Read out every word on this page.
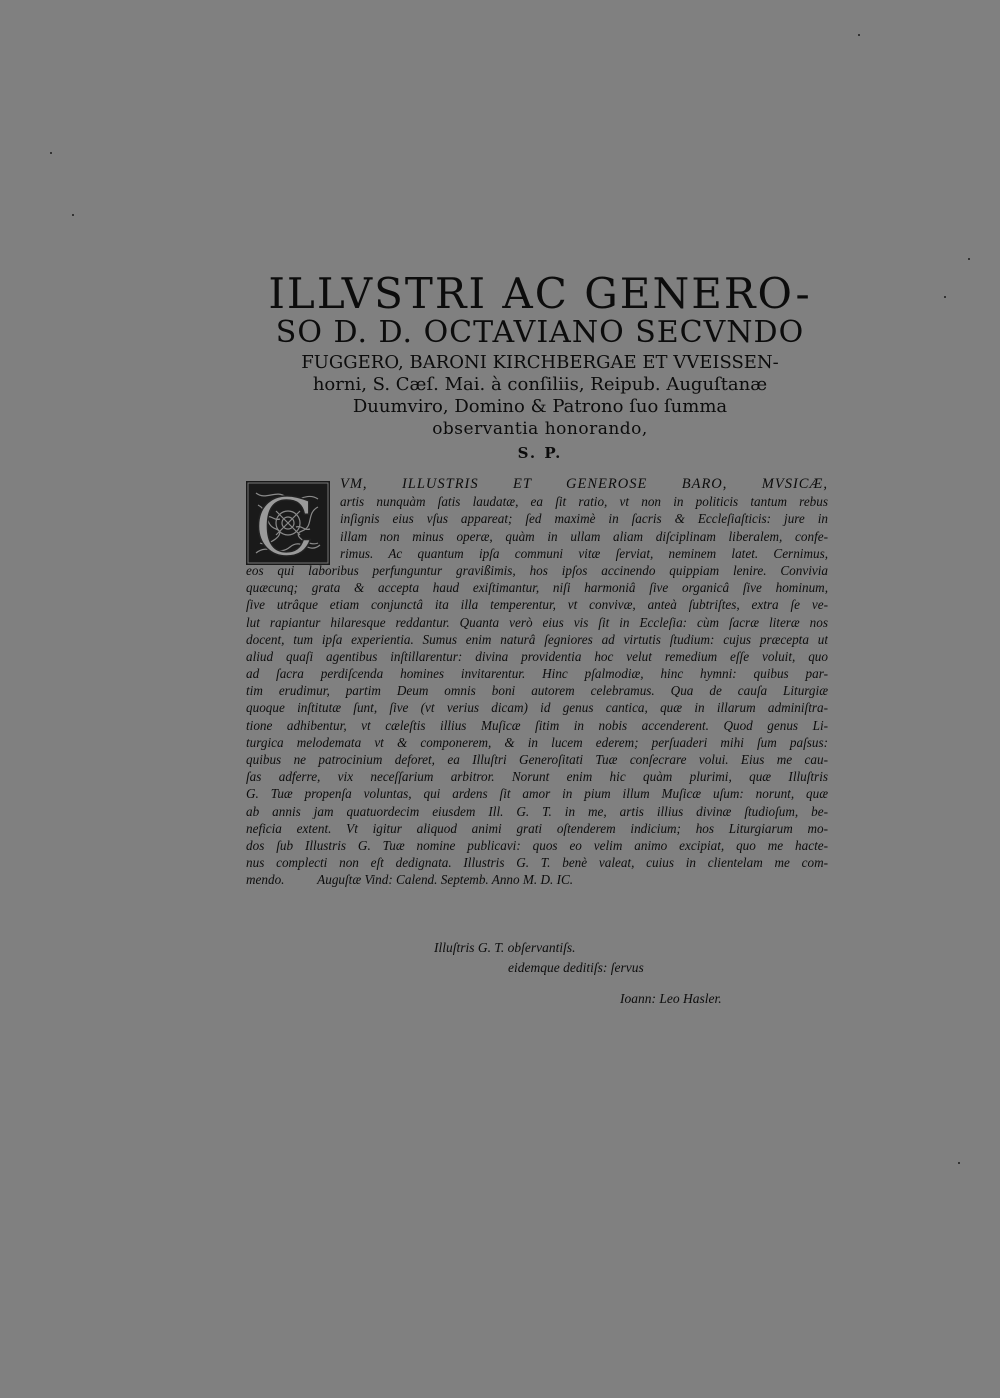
ILLVSTRI AC GENERO-
SO D. D. OCTAVIANO SECVNDO
FUGGERO, BARONI KIRCHBERGAE ET VVEISSEN-
horni, S. Cæſ. Mai. à conſiliis, Reipub. Auguſtanæ
Duumviro, Domino & Patrono ſuo ſumma
observantia honorando,
S. P.
C VM, ILLUSTRIS ET GENEROSE BARO, MVSICÆ,
artis nunquàm ſatis laudatæ, ea ſit ratio, vt non in politicis tantum rebus
inſignis eius vſus appareat; ſed maximè in ſacris & Eccleſiaſticis: jure in
illam non minus operæ, quàm in ullam aliam diſciplinam liberalem, confe-
rimus. Ac quantum ipſa communi vitæ ſerviat, neminem latet. Cernimus,
eos qui laboribus perfunguntur gravißimis, hos ipſos accinendo quippiam lenire. Convivia
quæcunq; grata & accepta haud exiſtimantur, niſi harmoniâ ſive organicâ ſive hominum,
ſive utrâque etiam conjunctâ ita illa temperentur, vt convivæ, anteà ſubtriſtes, extra ſe ve-
lut rapiantur hilaresque reddantur. Quanta verò eius vis ſit in Eccleſia: cùm ſacræ literæ nos
docent, tum ipſa experientia. Sumus enim naturâ ſegniores ad virtutis ſtudium: cujus præcepta ut
aliud quaſi agentibus inſtillarentur: divina providentia hoc velut remedium eſſe voluit, quo
ad ſacra perdiſcenda homines invitarentur. Hinc pſalmodiæ, hinc hymni: quibus par-
tim erudimur, partim Deum omnis boni autorem celebramus. Qua de cauſa Liturgiæ
quoque inſtitutæ ſunt, ſive (vt verius dicam) id genus cantica, quæ in illarum adminiſtra-
tione adhibentur, vt cæleſtis illius Muſicæ ſitim in nobis accenderent. Quod genus Li-
turgica melodemata vt & componerem, & in lucem ederem; perſuaderi mihi ſum paſsus:
quibus ne patrocinium deforet, ea Illuſtri Generoſitati Tuæ conſecrare volui. Eius me cau-
ſas adferre, vix neceſſarium arbitror. Norunt enim hic quàm plurimi, quæ Illuſtris
G. Tuæ propenſa voluntas, qui ardens ſit amor in pium illum Muſicæ uſum: norunt, quæ
ab annis jam quatuordecim eiusdem Ill. G. T. in me, artis illius divinæ ſtudioſum, be-
neficia extent. Vt igitur aliquod animi grati oſtenderem indicium; hos Liturgiarum mo-
dos ſub Illustris G. Tuæ nomine publicavi: quos eo velim animo excipiat, quo me hacte-
nus complecti non eſt dedignata. Illustris G. T. benè valeat, cuius in clientelam me com-
mendo.          Auguſtæ Vind: Calend. Septemb. Anno M. D. IC.
Illuſtris G. T. obſervantiſs.
eidemque deditiſs: ſervus
Ioann: Leo Hasler.
